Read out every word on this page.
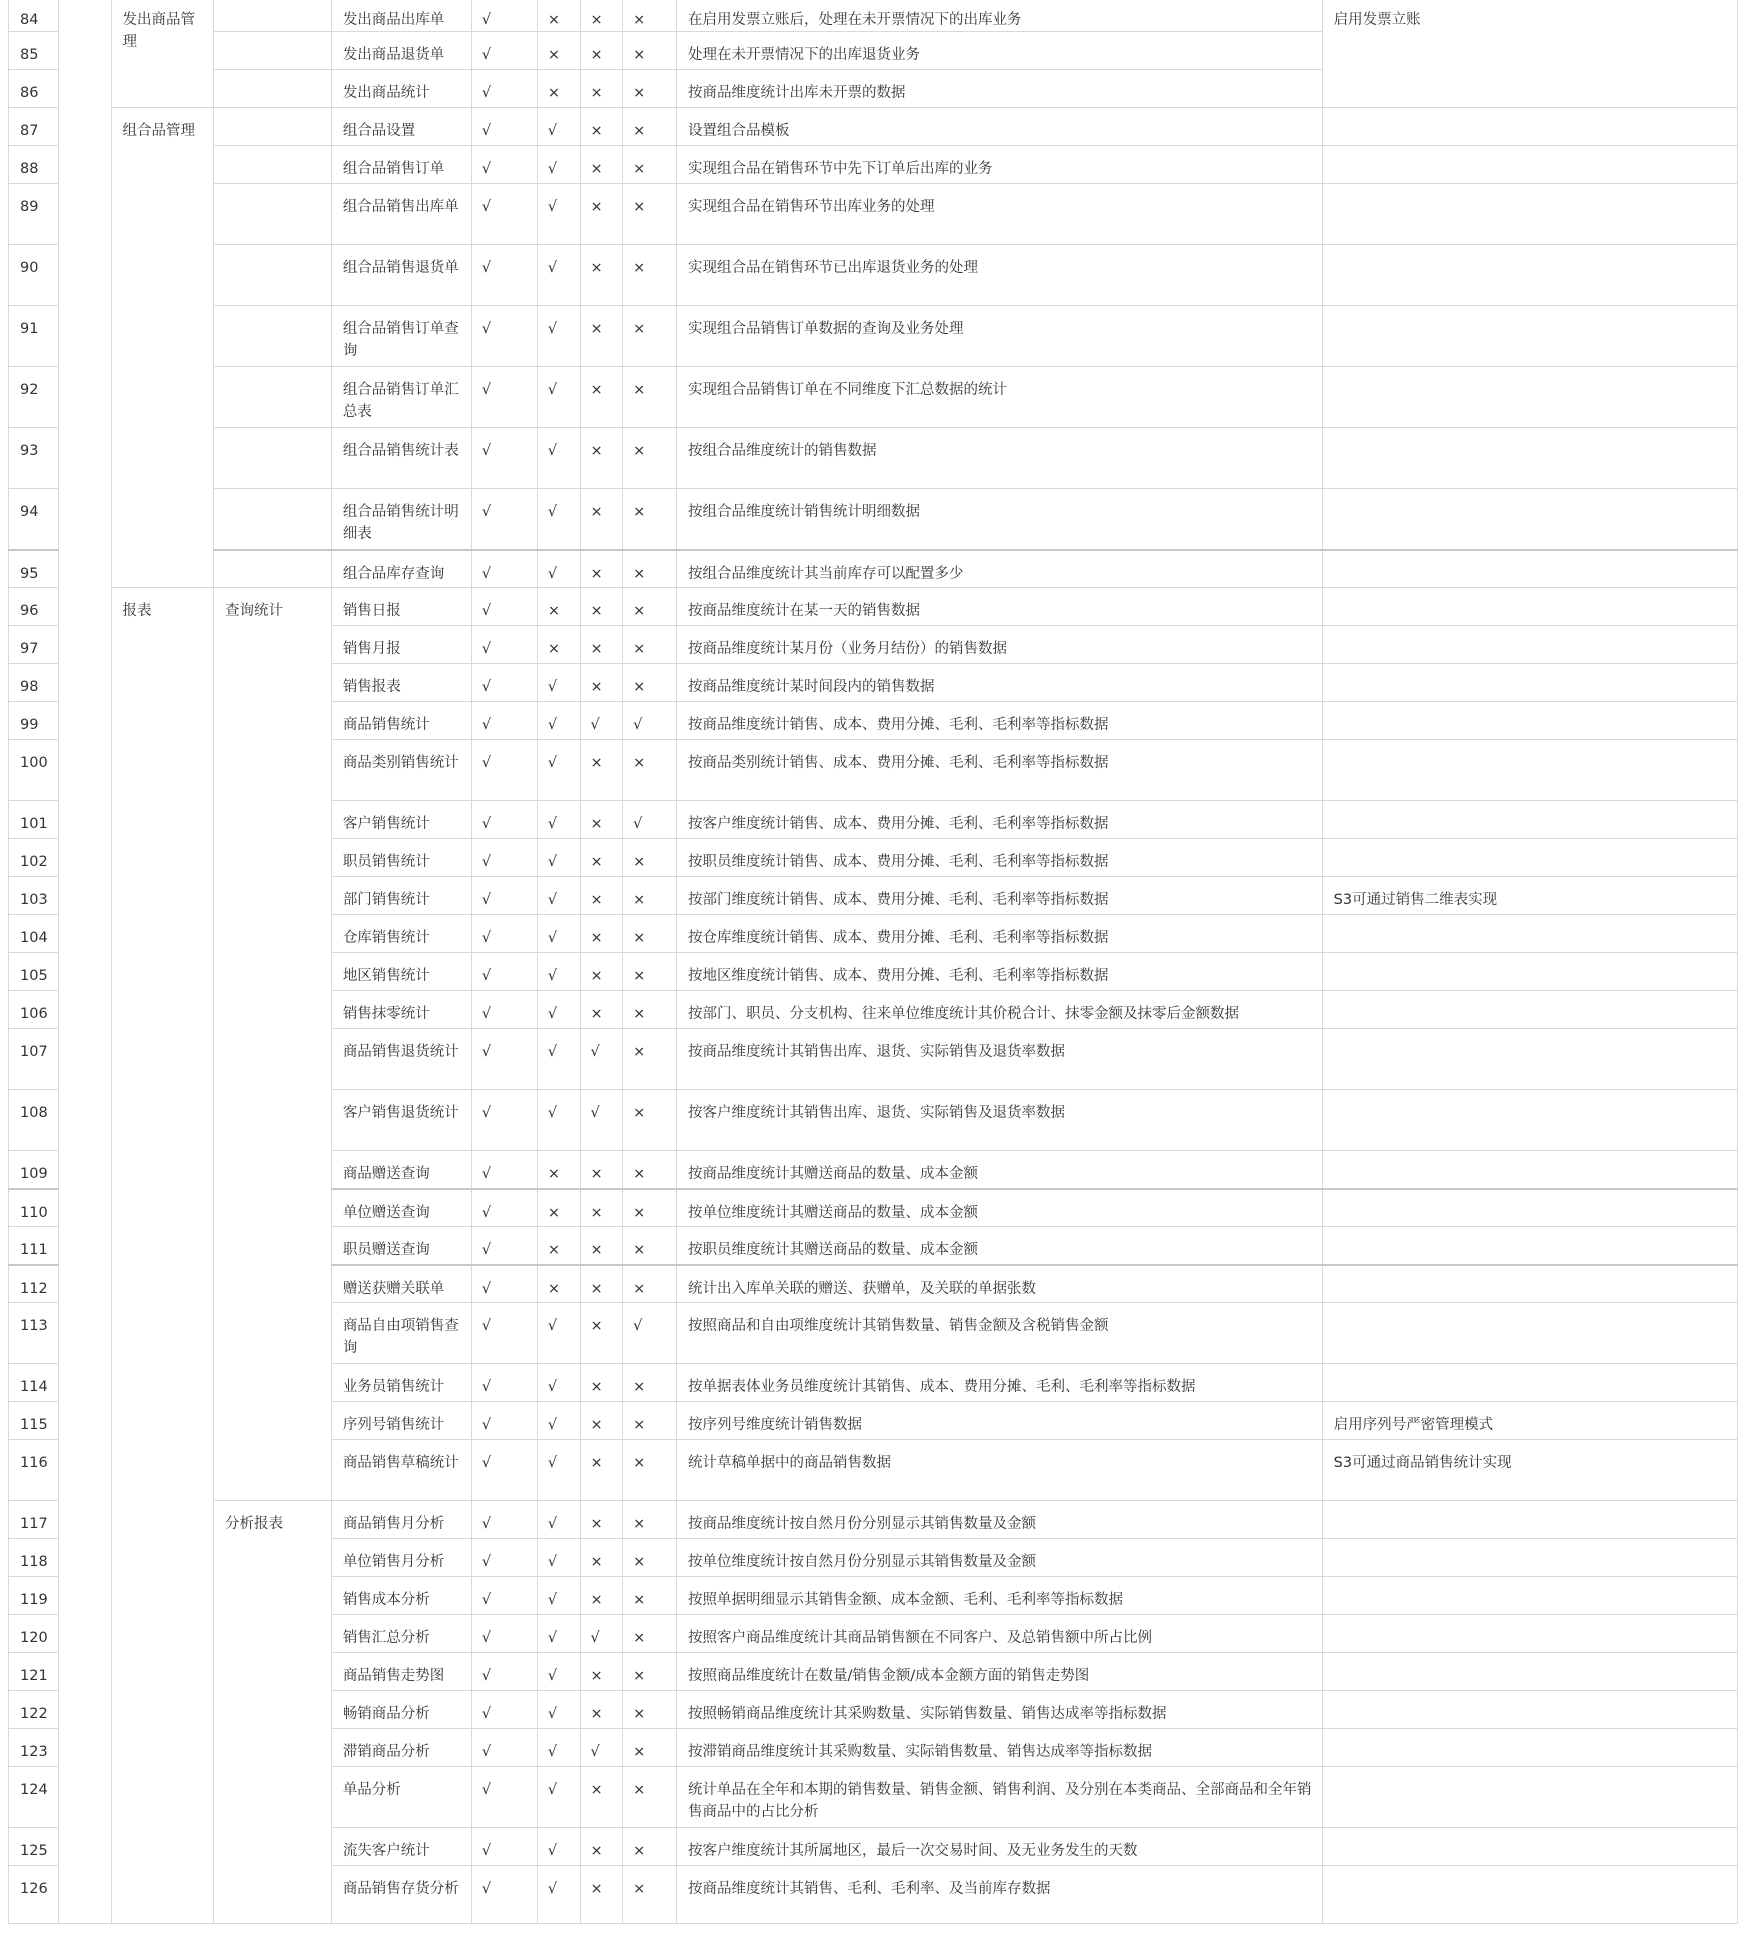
84		发出商品管理		发出商品出库单	√	×	×	×	在启用发票立账后，处理在未开票情况下的出库业务	启用发票立账
85				发出商品退货单	√	×	×	×	处理在未开票情况下的出库退货业务	
86				发出商品统计	√	×	×	×	按商品维度统计出库未开票的数据	
87		组合品管理		组合品设置	√	√	×	×	设置组合品模板	
88				组合品销售订单	√	√	×	×	实现组合品在销售环节中先下订单后出库的业务	
89				组合品销售出库单	√	√	×	×	实现组合品在销售环节出库业务的处理	
90				组合品销售退货单	√	√	×	×	实现组合品在销售环节已出库退货业务的处理	
91				组合品销售订单查询	√	√	×	×	实现组合品销售订单数据的查询及业务处理	
92				组合品销售订单汇总表	√	√	×	×	实现组合品销售订单在不同维度下汇总数据的统计	
93				组合品销售统计表	√	√	×	×	按组合品维度统计的销售数据	
94				组合品销售统计明细表	√	√	×	×	按组合品维度统计销售统计明细数据	
95				组合品库存查询	√	√	×	×	按组合品维度统计其当前库存可以配置多少	
96		报表	查询统计	销售日报	√	×	×	×	按商品维度统计在某一天的销售数据	
97				销售月报	√	×	×	×	按商品维度统计某月份（业务月结份）的销售数据	
98				销售报表	√	√	×	×	按商品维度统计某时间段内的销售数据	
99				商品销售统计	√	√	√	√	按商品维度统计销售、成本、费用分摊、毛利、毛利率等指标数据	
100				商品类别销售统计	√	√	×	×	按商品类别统计销售、成本、费用分摊、毛利、毛利率等指标数据	
101				客户销售统计	√	√	×	√	按客户维度统计销售、成本、费用分摊、毛利、毛利率等指标数据	
102				职员销售统计	√	√	×	×	按职员维度统计销售、成本、费用分摊、毛利、毛利率等指标数据	
103				部门销售统计	√	√	×	×	按部门维度统计销售、成本、费用分摊、毛利、毛利率等指标数据	S3可通过销售二维表实现
104				仓库销售统计	√	√	×	×	按仓库维度统计销售、成本、费用分摊、毛利、毛利率等指标数据	
105				地区销售统计	√	√	×	×	按地区维度统计销售、成本、费用分摊、毛利、毛利率等指标数据	
106				销售抹零统计	√	√	×	×	按部门、职员、分支机构、往来单位维度统计其价税合计、抹零金额及抹零后金额数据	
107				商品销售退货统计	√	√	√	×	按商品维度统计其销售出库、退货、实际销售及退货率数据	
108				客户销售退货统计	√	√	√	×	按客户维度统计其销售出库、退货、实际销售及退货率数据	
109				商品赠送查询	√	×	×	×	按商品维度统计其赠送商品的数量、成本金额	
110				单位赠送查询	√	×	×	×	按单位维度统计其赠送商品的数量、成本金额	
111				职员赠送查询	√	×	×	×	按职员维度统计其赠送商品的数量、成本金额	
112				赠送获赠关联单	√	×	×	×	统计出入库单关联的赠送、获赠单，及关联的单据张数	
113				商品自由项销售查询	√	√	×	√	按照商品和自由项维度统计其销售数量、销售金额及含税销售金额	
114				业务员销售统计	√	√	×	×	按单据表体业务员维度统计其销售、成本、费用分摊、毛利、毛利率等指标数据	
115				序列号销售统计	√	√	×	×	按序列号维度统计销售数据	启用序列号严密管理模式
116				商品销售草稿统计	√	√	×	×	统计草稿单据中的商品销售数据	S3可通过商品销售统计实现
117			分析报表	商品销售月分析	√	√	×	×	按商品维度统计按自然月份分别显示其销售数量及金额	
118				单位销售月分析	√	√	×	×	按单位维度统计按自然月份分别显示其销售数量及金额	
119				销售成本分析	√	√	×	×	按照单据明细显示其销售金额、成本金额、毛利、毛利率等指标数据	
120				销售汇总分析	√	√	√	×	按照客户商品维度统计其商品销售额在不同客户、及总销售额中所占比例	
121				商品销售走势图	√	√	×	×	按照商品维度统计在数量/销售金额/成本金额方面的销售走势图	
122				畅销商品分析	√	√	×	×	按照畅销商品维度统计其采购数量、实际销售数量、销售达成率等指标数据	
123				滞销商品分析	√	√	√	×	按滞销商品维度统计其采购数量、实际销售数量、销售达成率等指标数据	
124				单品分析	√	√	×	×	统计单品在全年和本期的销售数量、销售金额、销售利润、及分别在本类商品、全部商品和全年销售商品中的占比分析	
125				流失客户统计	√	√	×	×	按客户维度统计其所属地区，最后一次交易时间、及无业务发生的天数	
126				商品销售存货分析	√	√	×	×	按商品维度统计其销售、毛利、毛利率、及当前库存数据	
